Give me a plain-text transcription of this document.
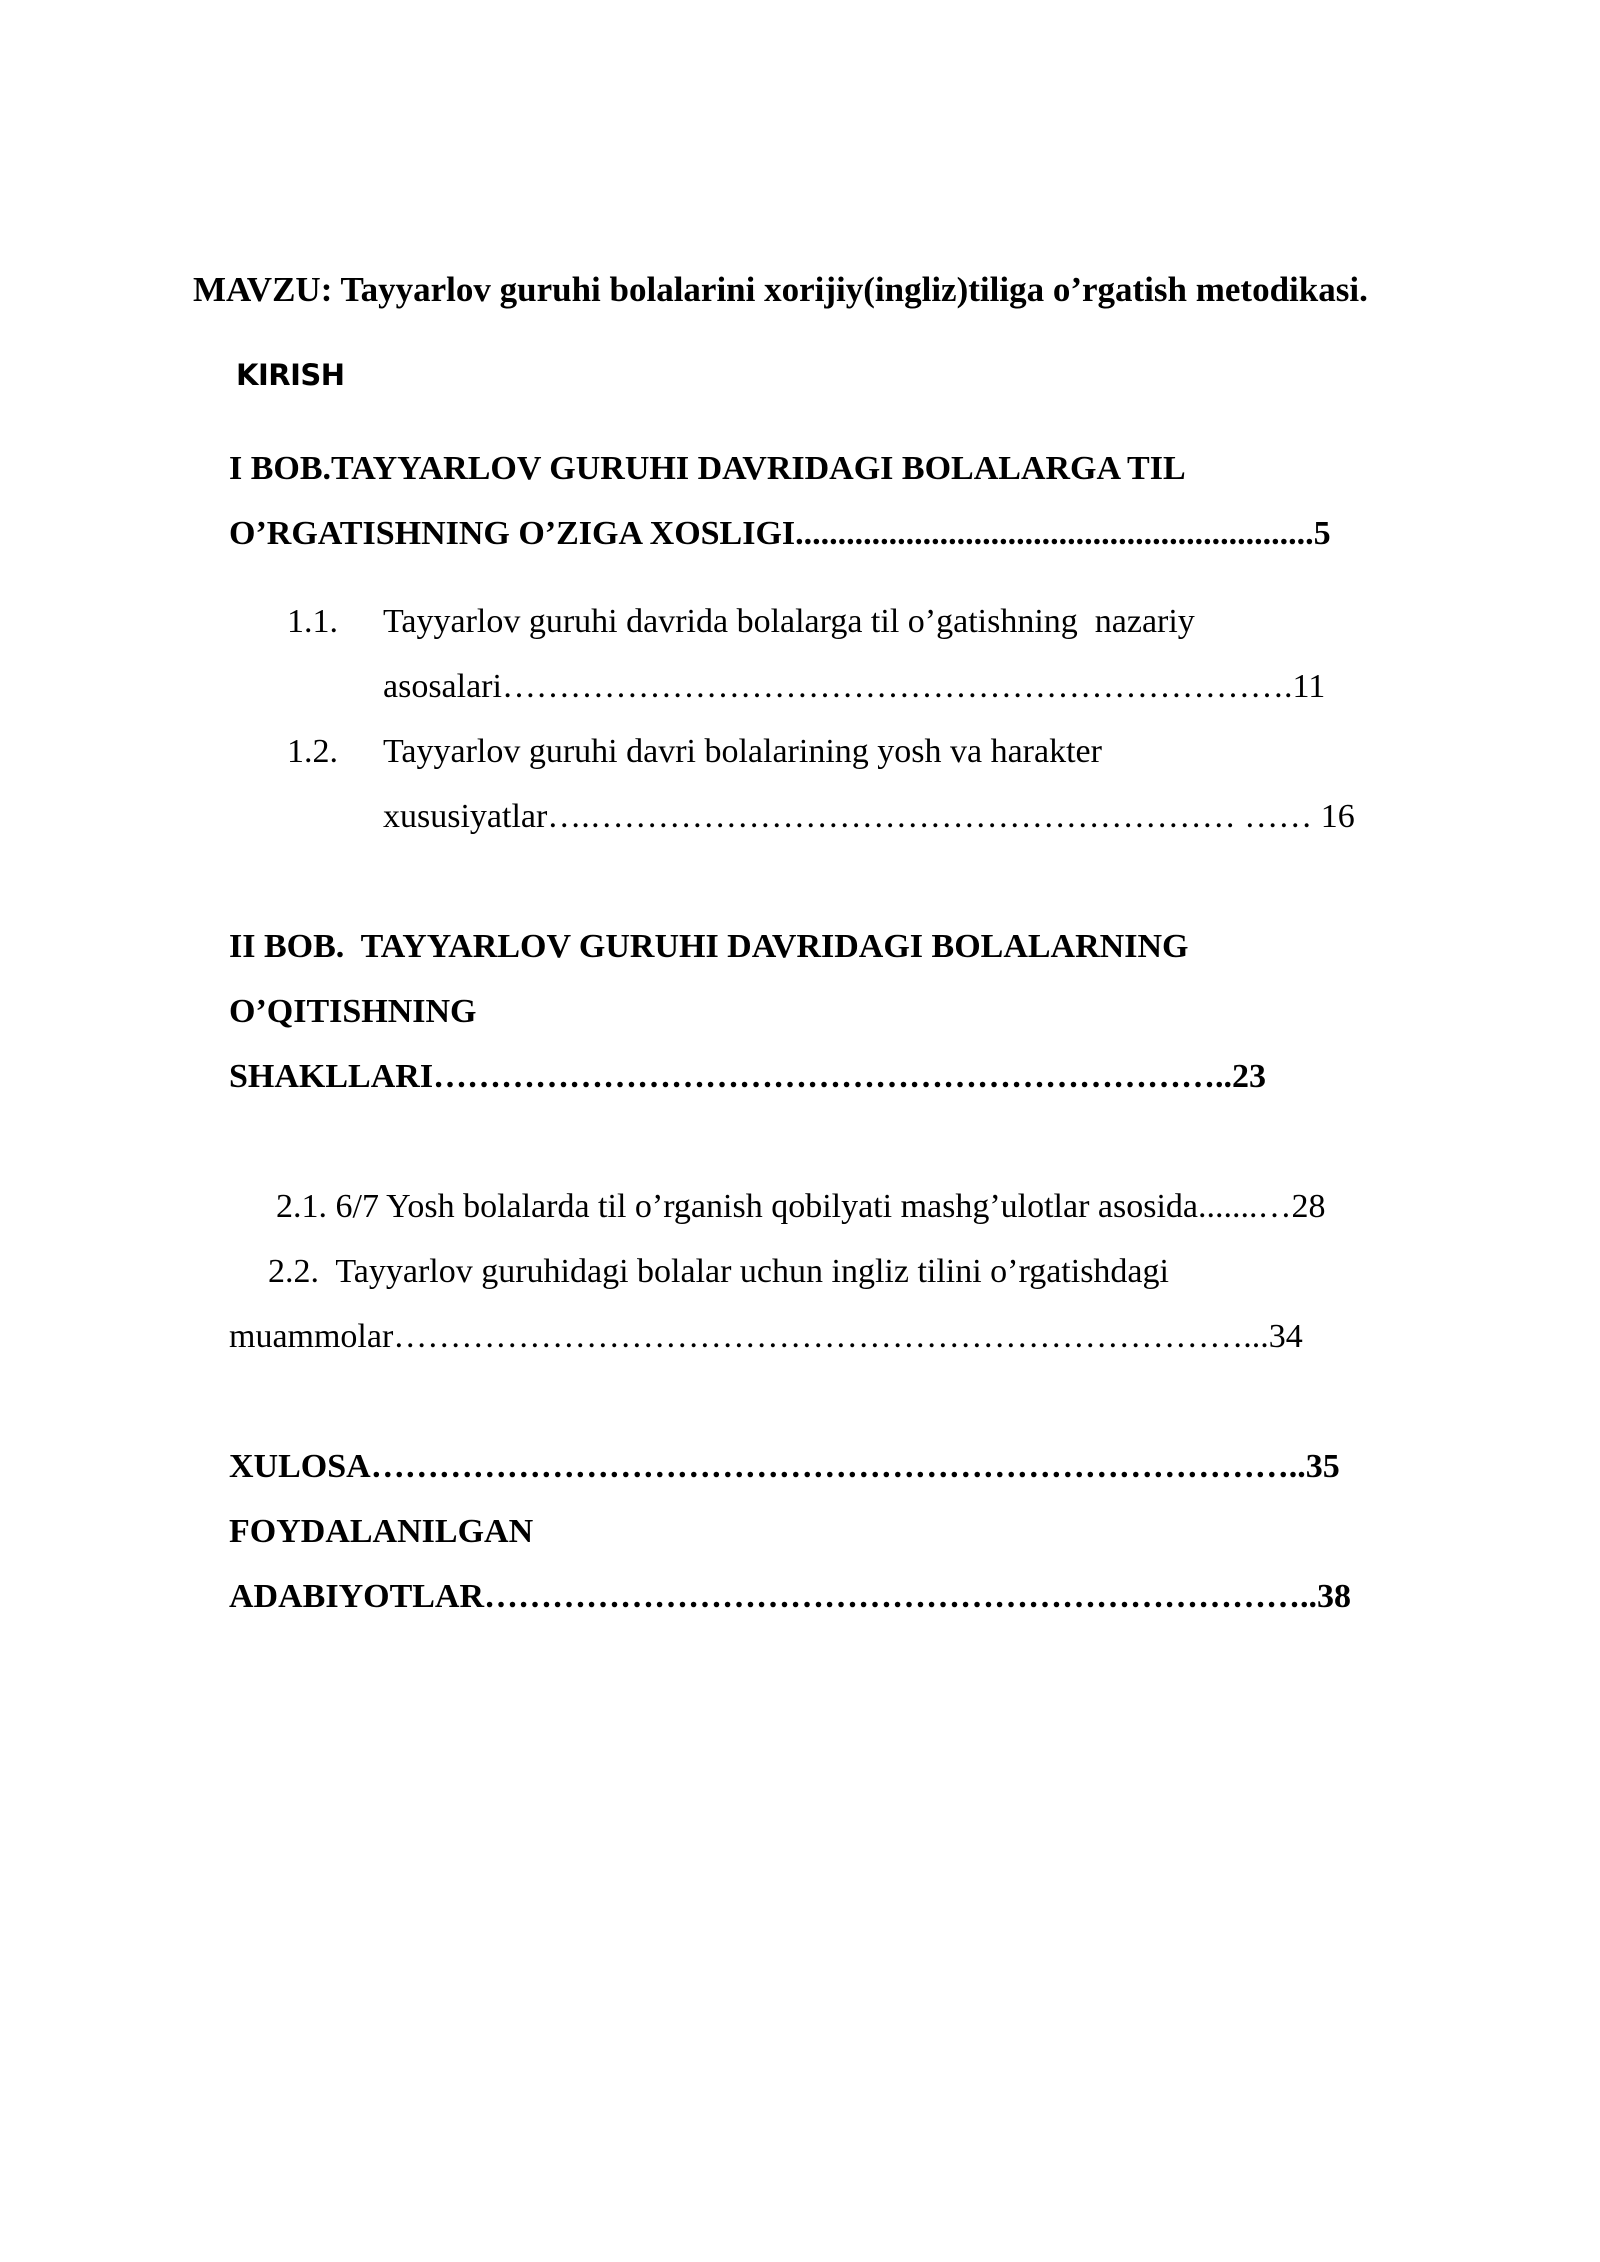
MAVZU: Tayyarlov guruhi bolalarini xorijiy(ingliz)tiliga o’rgatish metodikasi.

KIRISH

I BOB.TAYYARLOV GURUHI DAVRIDAGI BOLALARGA TIL

O’RGATISHNING O’ZIGA XOSLIGI.............................................................5

1.1. Tayyarlov guruhi davrida bolalarga til o’gatishning  nazariy

asosalari…………………………………………………………….11

1.2. Tayyarlov guruhi davri bolalarining yosh va harakter

xususiyatlar….………………………………………………… …… 16

II BOB.  TAYYARLOV GURUHI DAVRIDAGI BOLALARNING

O’QITISHNING

SHAKLLARI……………………………………………………………..23

2.1. 6/7 Yosh bolalarda til o’rganish qobilyati mashg’ulotlar asosida.......…28

2.2.  Tayyarlov guruhidagi bolalar uchun ingliz tilini o’rgatishdagi

muammolar…………………………………………………………………...34

XULOSA………………………………………………………………………..35

FOYDALANILGAN

ADABIYOTLAR………………………………………………………………..38
